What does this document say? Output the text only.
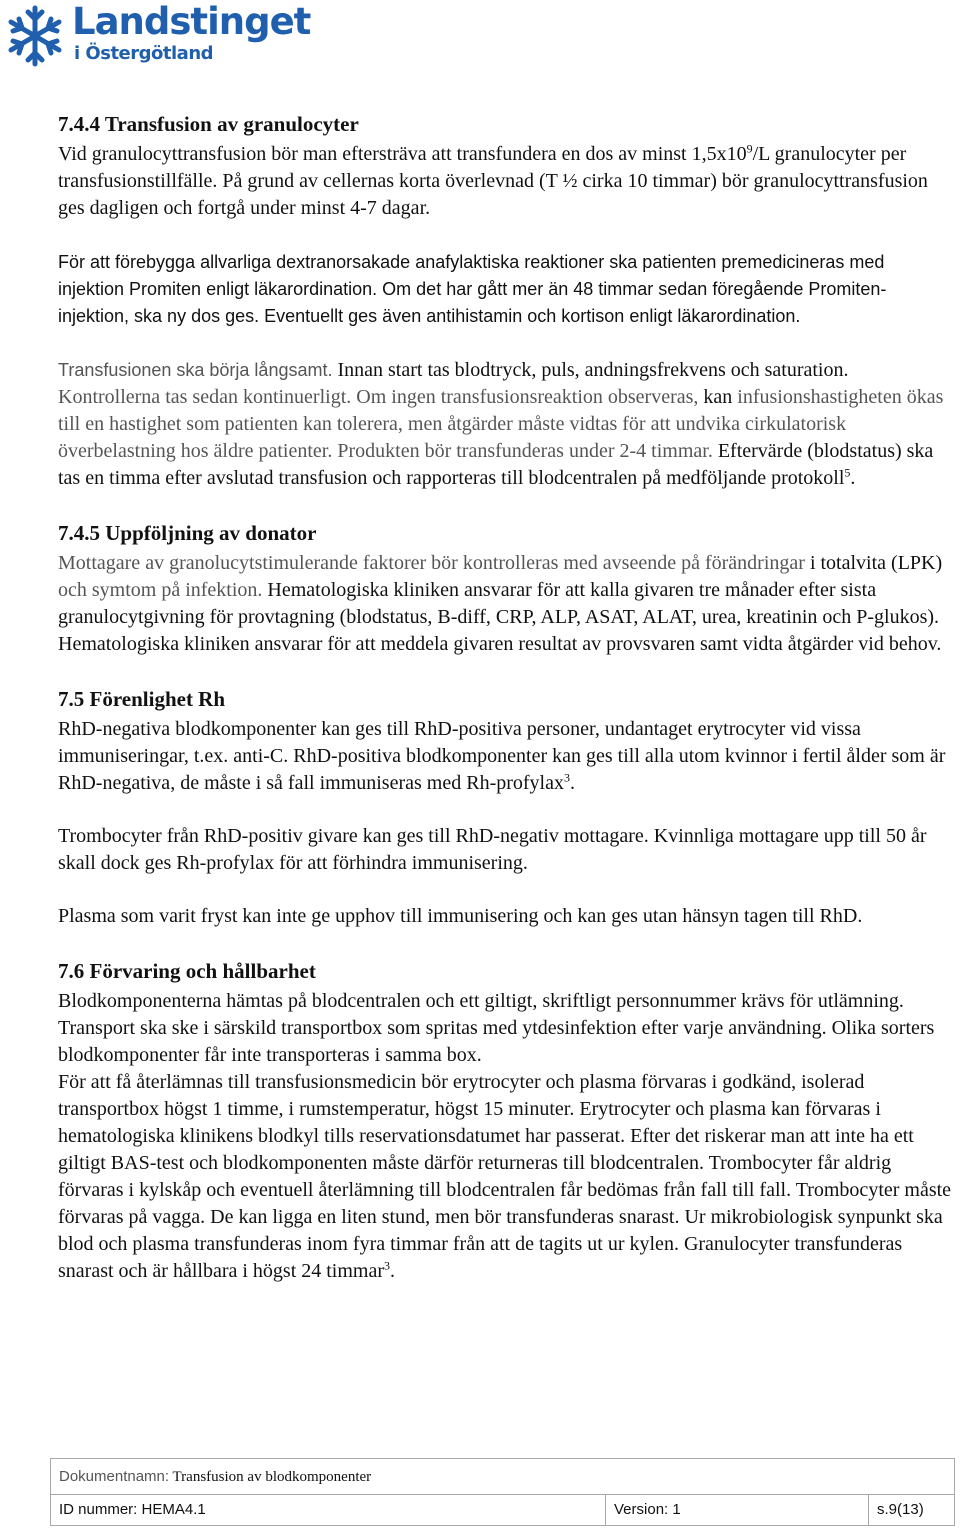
Landstinget
i Östergötland
7.4.4 Transfusion av granulocyter

Vid granulocyttransfusion bör man eftersträva att transfundera en dos av minst $1,5x10^9/L$ granulocyter per transfusionstillfälle. På grund av cellernas korta överlevnad (T ½ cirka 10 timmar) bör granulocyttransfusion ges dagligen och fortgå under minst 4-7 dagar.

För att förebygga allvarliga dextranorsakade anafylaktiska reaktioner ska patienten premedicineras med injektion Promiten enligt läkarordination. Om det har gått mer än 48 timmar sedan föregående Promiten-injektion, ska ny dos ges. Eventuellt ges även antihistamin och kortison enligt läkarordination.

Transfusionen ska börja långsamt. Innan start tas blodtryck, puls, andningsfrekvens och saturation. Kontrollerna tas sedan kontinuerligt. Om ingen transfusionsreaktion observeras, kan infusionshastigheten ökas till en hastighet som patienten kan tolerera, men åtgärder måste vidtas för att undvika cirkulatorisk överbelastning hos äldre patienter. Produkten bör transfunderas under 2-4 timmar. Eftervärde (blodstatus) ska tas en timma efter avslutad transfusion och rapporteras till blodcentralen på medföljande protokoll$^5$.

7.4.5 Uppföljning av donator

Mottagare av granolucytstimulerande faktorer bör kontrolleras med avseende på förändringar i totalvita (LPK) och symtom på infektion. Hematologiska kliniken ansvarar för att kalla givaren tre månader efter sista granulocytgivning för provtagning (blodstatus, B-diff, CRP, ALP, ASAT, ALAT, urea, kreatinin och P-glukos). Hematologiska kliniken ansvarar för att meddela givaren resultat av provsvaren samt vidta åtgärder vid behov.

7.5 Förenlighet Rh

RhD-negativa blodkomponenter kan ges till RhD-positiva personer, undantaget erytrocyter vid vissa immuniseringar, t.ex. anti-C. RhD-positiva blodkomponenter kan ges till alla utom kvinnor i fertil ålder som är RhD-negativa, de måste i så fall immuniseras med Rh-profylax$^3$.

Trombocyter från RhD-positiv givare kan ges till RhD-negativ mottagare. Kvinnliga mottagare upp till 50 år skall dock ges Rh-profylax för att förhindra immunisering.

Plasma som varit fryst kan inte ge upphov till immunisering och kan ges utan hänsyn tagen till RhD.

7.6 Förvaring och hållbarhet

Blodkomponenterna hämtas på blodcentralen och ett giltigt, skriftligt personnummer krävs för utlämning. Transport ska ske i särskild transportbox som spritas med ytdesinfektion efter varje användning. Olika sorters blodkomponenter får inte transporteras i samma box.

För att få återlämnas till transfusionsmedicin bör erytrocyter och plasma förvaras i godkänd, isolerad transportbox högst 1 timme, i rumstemperatur, högst 15 minuter. Erytrocyter och plasma kan förvaras i hematologiska klinikens blodkyl tills reservationsdatumet har passerat. Efter det riskerar man att inte ha ett giltigt BAS-test och blodkomponenten måste därför returneras till blodcentralen. Trombocyter får aldrig förvaras i kylskåp och eventuell återlämning till blodcentralen får bedömas från fall till fall. Trombocyter måste förvaras på vagga. De kan ligga en liten stund, men bör transfunderas snarast. Ur mikrobiologisk synpunkt ska blod och plasma transfunderas inom fyra timmar från att de tagits ut ur kylen. Granulocyter transfunderas snarast och är hållbara i högst 24 timmar$^3$.

Dokumentnamn: Transfusion av blodkomponenter
ID nummer: HEMA4.1	Version: 1	s.9(13)
